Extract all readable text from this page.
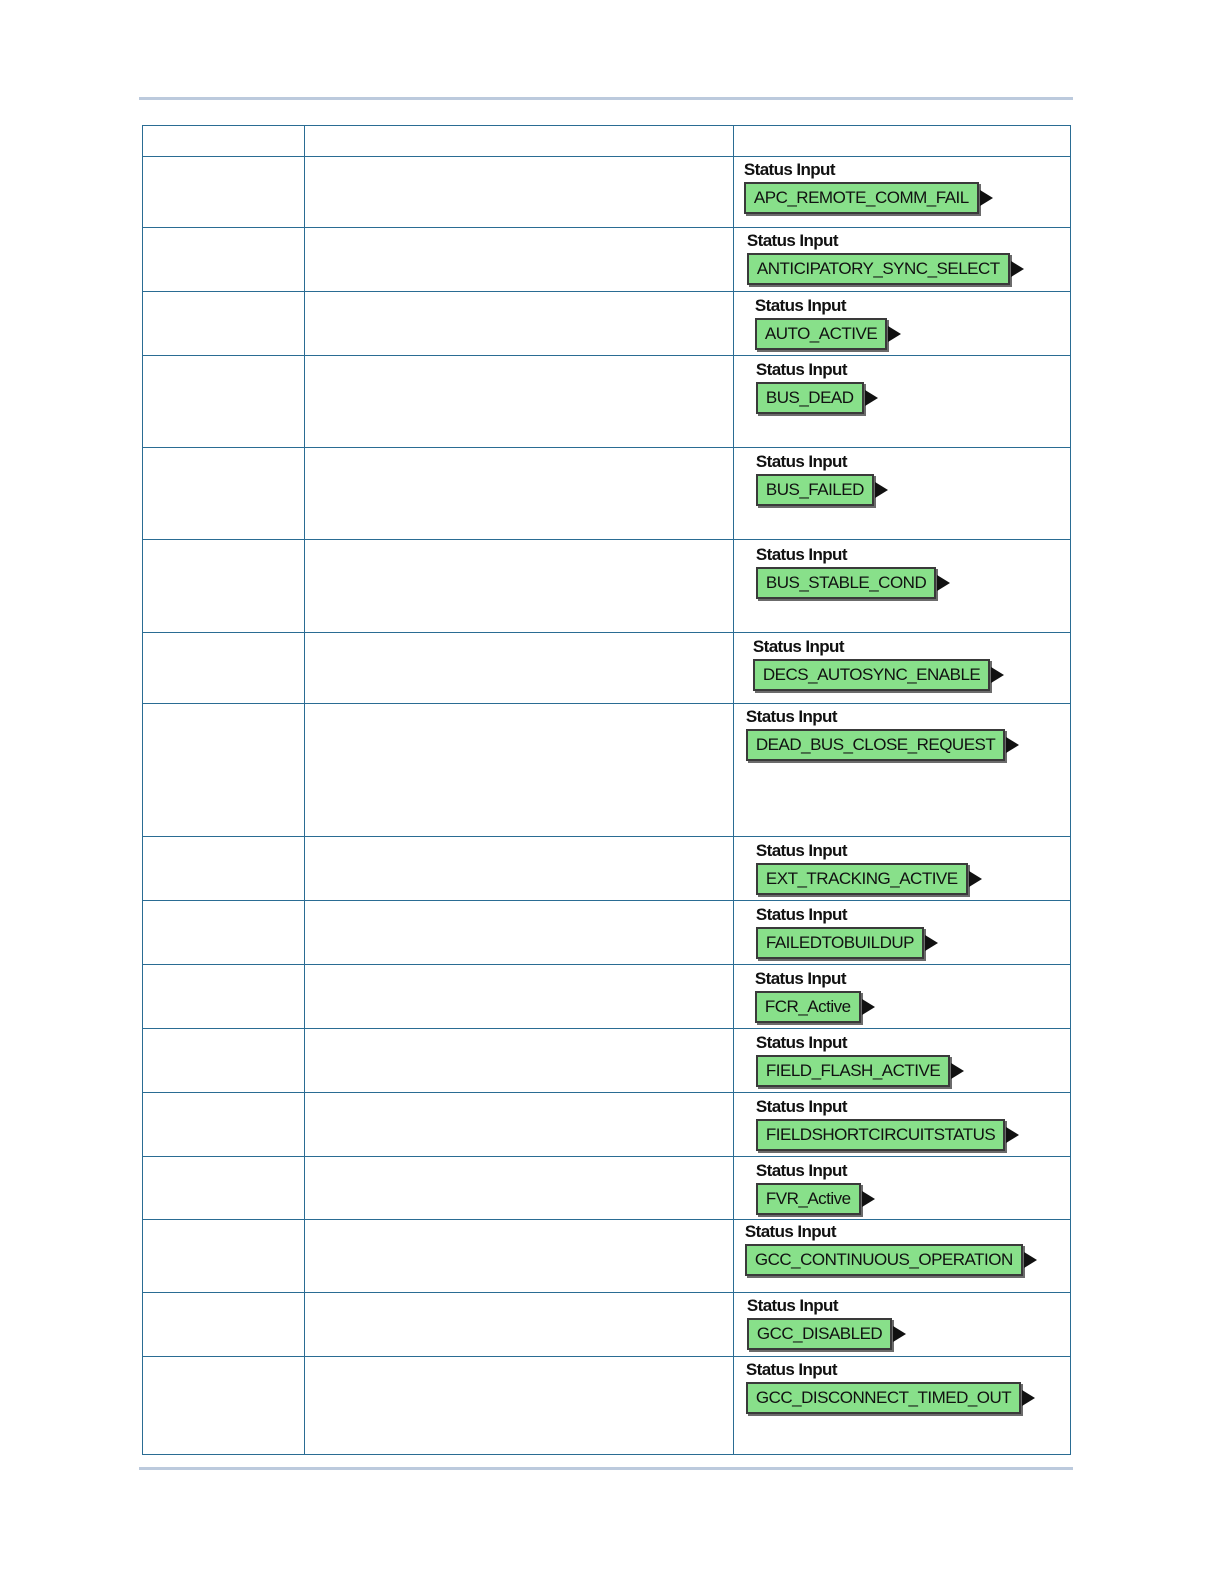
		Status Input
APC_REMOTE_COMM_FAIL

		Status Input
ANTICIPATORY_SYNC_SELECT

		Status Input
AUTO_ACTIVE

		Status Input
BUS_DEAD

		Status Input
BUS_FAILED

		Status Input
BUS_STABLE_COND

		Status Input
DECS_AUTOSYNC_ENABLE

		Status Input
DEAD_BUS_CLOSE_REQUEST

		Status Input
EXT_TRACKING_ACTIVE

		Status Input
FAILEDTOBUILDUP

		Status Input
FCR_Active

		Status Input
FIELD_FLASH_ACTIVE

		Status Input
FIELDSHORTCIRCUITSTATUS

		Status Input
FVR_Active

		Status Input
GCC_CONTINUOUS_OPERATION

		Status Input
GCC_DISABLED

		Status Input
GCC_DISCONNECT_TIMED_OUT
